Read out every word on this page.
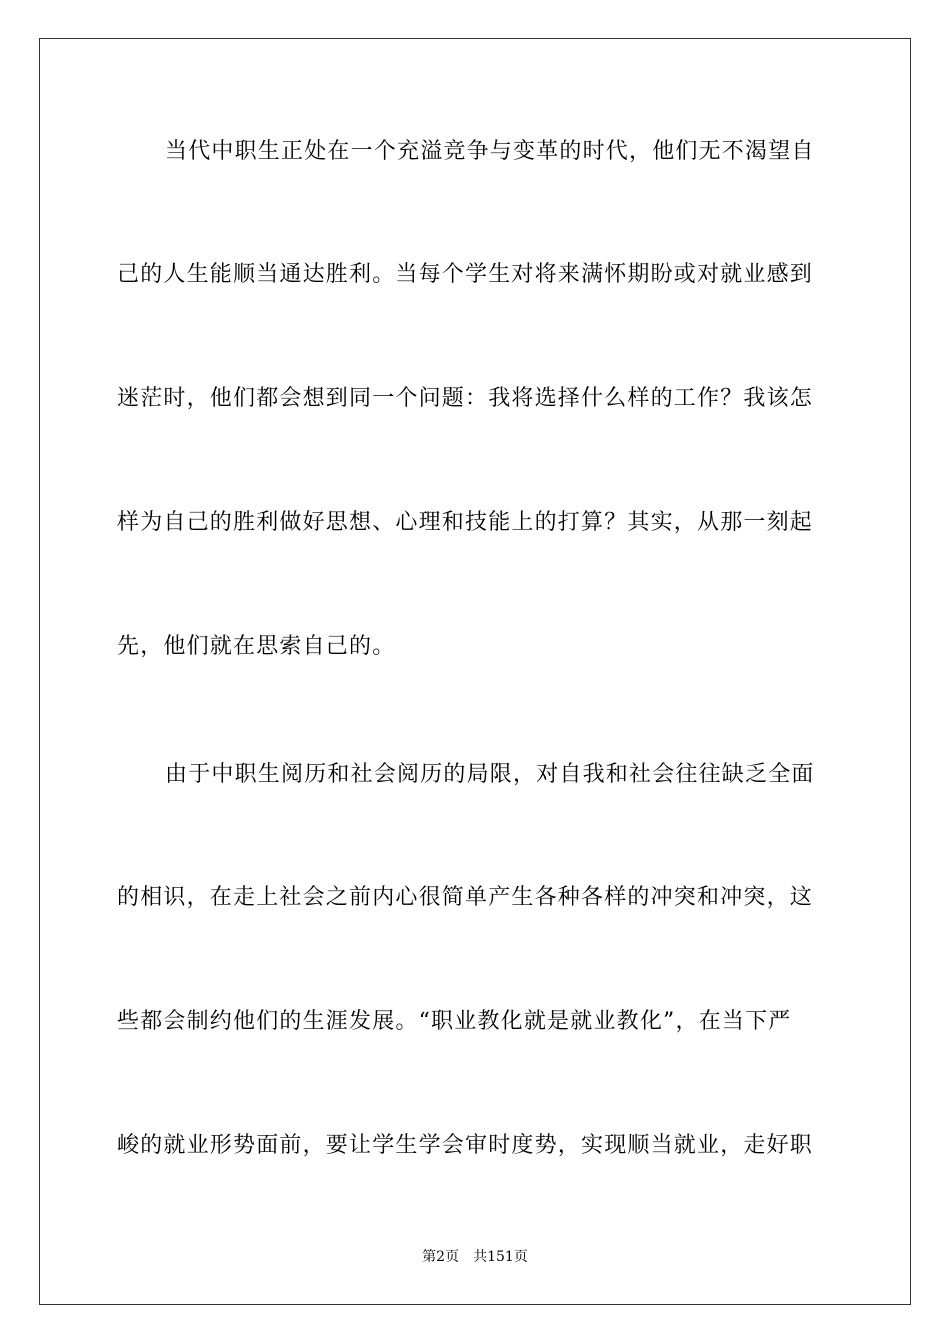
当代中职生正处在一个充溢竞争与变革的时代，他们无不渴望自
己的人生能顺当通达胜利。当每个学生对将来满怀期盼或对就业感到
迷茫时，他们都会想到同一个问题：我将选择什么样的工作？我该怎
样为自己的胜利做好思想、心理和技能上的打算？其实，从那一刻起
先，他们就在思索自己的。
由于中职生阅历和社会阅历的局限，对自我和社会往往缺乏全面
的相识，在走上社会之前内心很简单产生各种各样的冲突和冲突，这
些都会制约他们的生涯发展。“职业教化就是就业教化”，在当下严
峻的就业形势面前，要让学生学会审时度势，实现顺当就业，走好职
第2页 共151页
